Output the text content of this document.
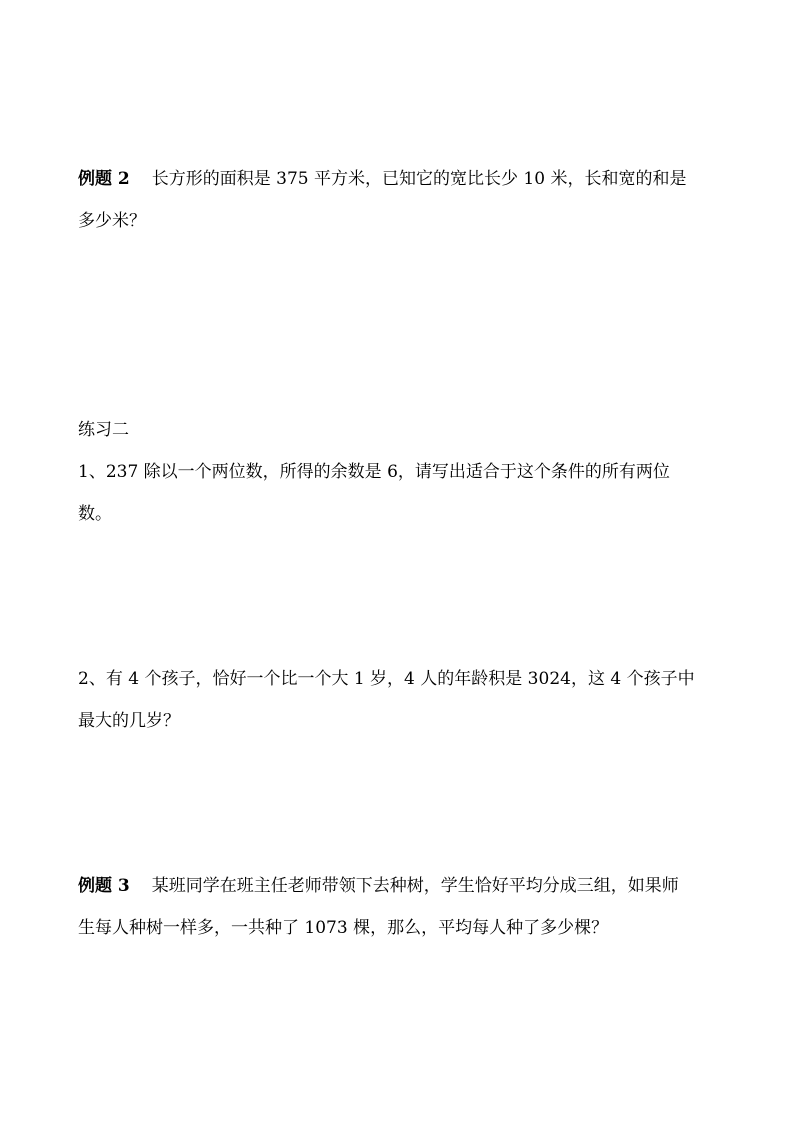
例题 2 长方形的面积是 375 平方米，已知它的宽比长少 10 米，长和宽的和是
多少米？
练习二
1、237 除以一个两位数，所得的余数是 6，请写出适合于这个条件的所有两位
数。
2、有 4 个孩子，恰好一个比一个大 1 岁，4 人的年龄积是 3024，这 4 个孩子中
最大的几岁？
例题 3 某班同学在班主任老师带领下去种树，学生恰好平均分成三组，如果师
生每人种树一样多，一共种了 1073 棵，那么，平均每人种了多少棵？
